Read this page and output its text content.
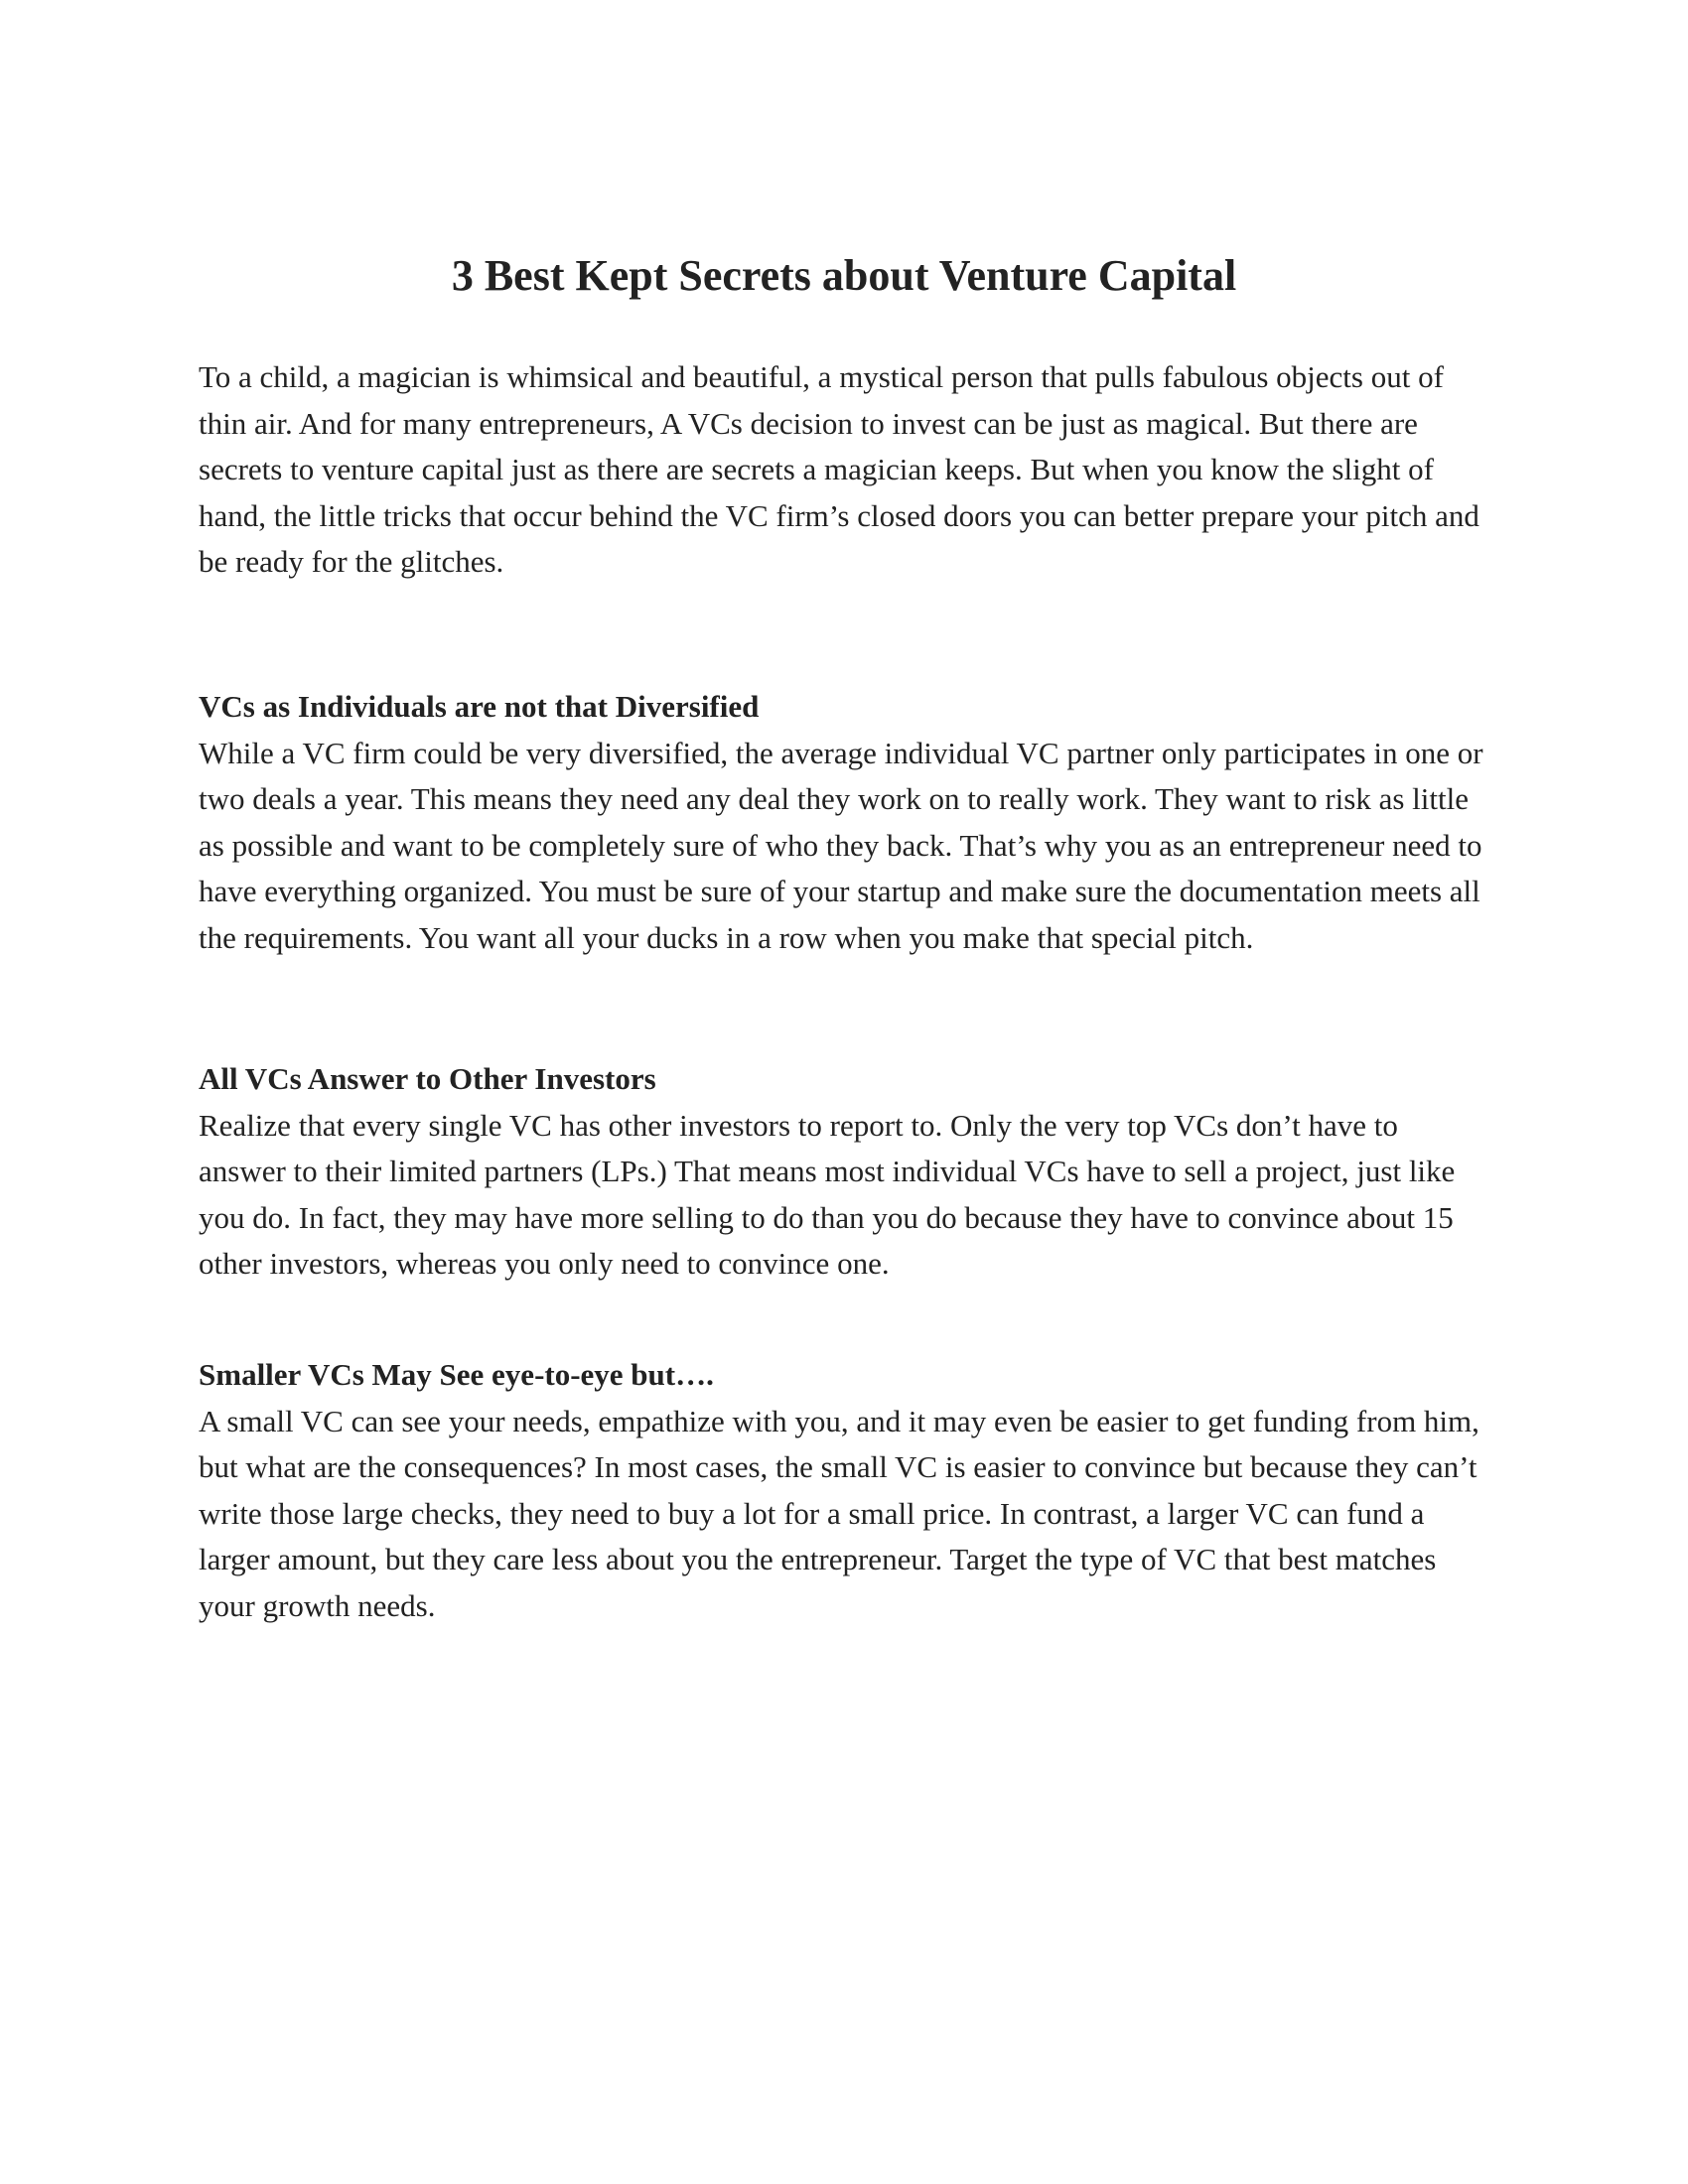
3 Best Kept Secrets about Venture Capital

To a child, a magician is whimsical and beautiful, a mystical person that pulls fabulous objects out of thin air. And for many entrepreneurs, A VCs decision to invest can be just as magical. But there are secrets to venture capital just as there are secrets a magician keeps. But when you know the slight of hand, the little tricks that occur behind the VC firm’s closed doors you can better prepare your pitch and be ready for the glitches.

VCs as Individuals are not that Diversified

While a VC firm could be very diversified, the average individual VC partner only participates in one or two deals a year. This means they need any deal they work on to really work. They want to risk as little as possible and want to be completely sure of who they back. That’s why you as an entrepreneur need to have everything organized. You must be sure of your startup and make sure the documentation meets all the requirements. You want all your ducks in a row when you make that special pitch.

All VCs Answer to Other Investors

Realize that every single VC has other investors to report to. Only the very top VCs don’t have to answer to their limited partners (LPs.) That means most individual VCs have to sell a project, just like you do. In fact, they may have more selling to do than you do because they have to convince about 15 other investors, whereas you only need to convince one.

Smaller VCs May See eye-to-eye but….

A small VC can see your needs, empathize with you, and it may even be easier to get funding from him, but what are the consequences? In most cases, the small VC is easier to convince but because they can’t write those large checks, they need to buy a lot for a small price. In contrast, a larger VC can fund a larger amount, but they care less about you the entrepreneur. Target the type of VC that best matches your growth needs.
